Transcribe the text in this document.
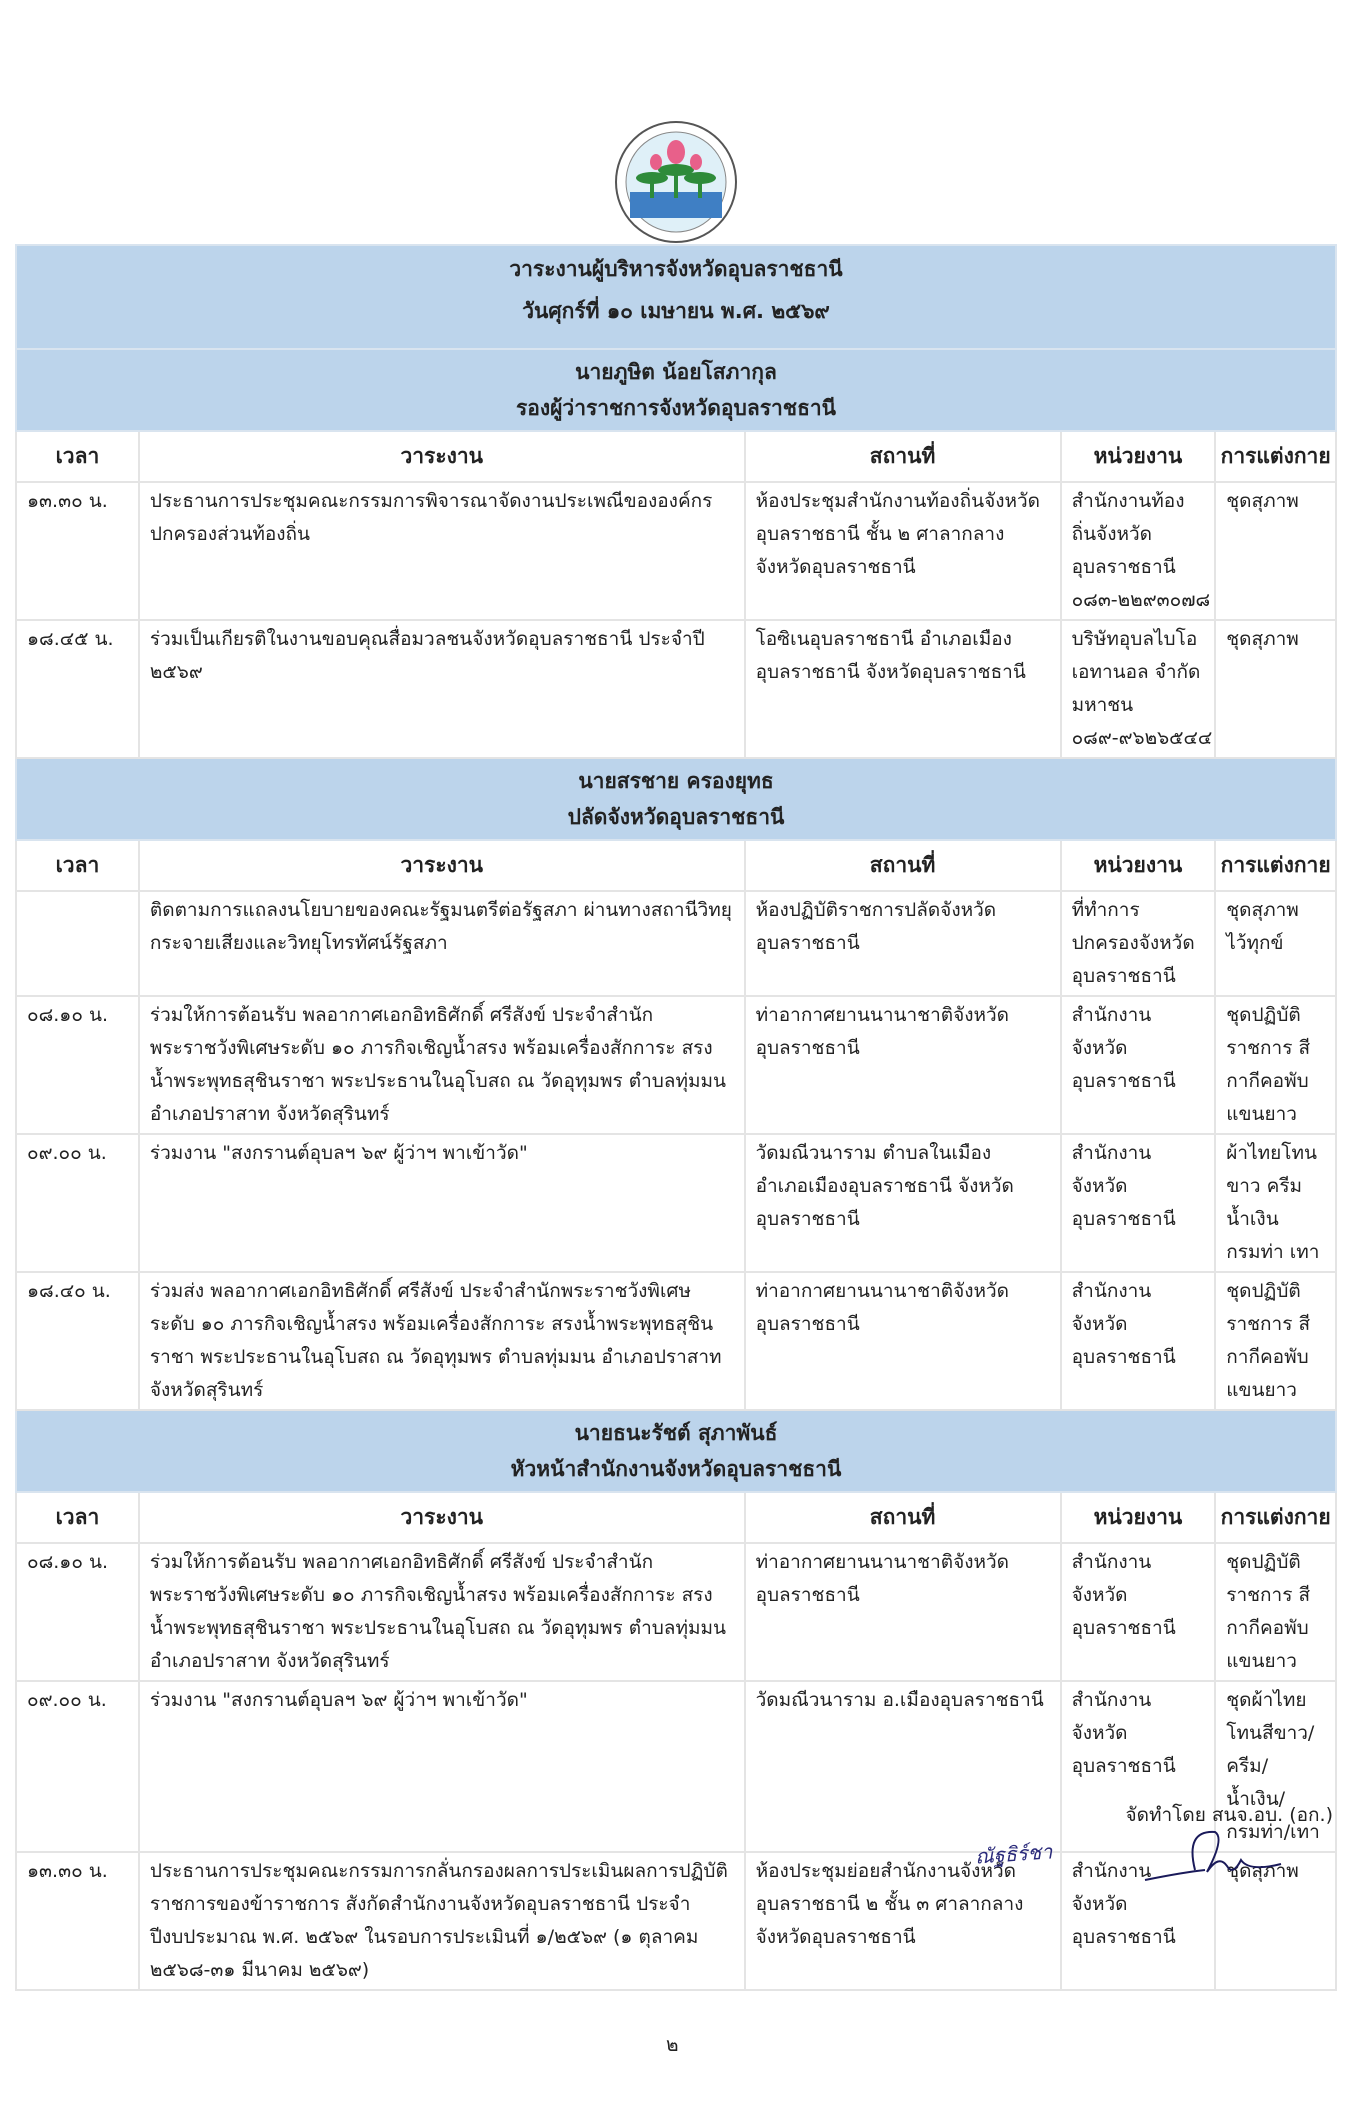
วาระงานผู้บริหารจังหวัดอุบลราชธานี
วันศุกร์ที่ ๑๐ เมษายน พ.ศ. ๒๕๖๙				

นายภูษิต น้อยโสภากุล
รองผู้ว่าราชการจังหวัดอุบลราชธานี				

เวลา	วาระงาน	สถานที่	หน่วยงาน	การแต่งกาย
๑๓.๓๐ น.	ประธานการประชุมคณะกรรมการพิจารณาจัดงานประเพณีขององค์กรปกครองส่วนท้องถิ่น	ห้องประชุมสำนักงานท้องถิ่นจังหวัดอุบลราชธานี ชั้น ๒ ศาลากลางจังหวัดอุบลราชธานี	สำนักงานท้องถิ่นจังหวัด อุบลราชธานี ๐๘๓-๒๒๙๓๐๗๘	ชุดสุภาพ
๑๘.๔๕ น.	ร่วมเป็นเกียรติในงานขอบคุณสื่อมวลชนจังหวัดอุบลราชธานี ประจำปี ๒๕๖๙	โอซิเนอุบลราชธานี อำเภอเมืองอุบลราชธานี จังหวัดอุบลราชธานี	บริษัทอุบลไบโอเอทานอล จำกัด มหาชน ๐๘๙-๙๖๒๖๕๔๔	ชุดสุภาพ

นายสรชาย ครองยุทธ
ปลัดจังหวัดอุบลราชธานี				

เวลา	วาระงาน	สถานที่	หน่วยงาน	การแต่งกาย
	ติดตามการแถลงนโยบายของคณะรัฐมนตรีต่อรัฐสภา ผ่านทางสถานีวิทยุกระจายเสียงและวิทยุโทรทัศน์รัฐสภา	ห้องปฏิบัติราชการปลัดจังหวัดอุบลราชธานี	ที่ทำการปกครองจังหวัด อุบลราชธานี	ชุดสุภาพ ไว้ทุกข์
๐๘.๑๐ น.	ร่วมให้การต้อนรับ พลอากาศเอกอิทธิศักดิ์ ศรีสังข์ ประจำสำนักพระราชวังพิเศษระดับ ๑๐ ภารกิจเชิญน้ำสรง พร้อมเครื่องสักการะ สรงน้ำพระพุทธสุชินราชา พระประธานในอุโบสถ ณ วัดอุทุมพร ตำบลทุ่มมน อำเภอปราสาท จังหวัดสุรินทร์	ท่าอากาศยานนานาชาติจังหวัดอุบลราชธานี	สำนักงานจังหวัดอุบลราชธานี	ชุดปฏิบัติราชการ สีกากีคอพับแขนยาว
๐๙.๐๐ น.	ร่วมงาน "สงกรานต์อุบลฯ ๖๙ ผู้ว่าฯ พาเข้าวัด"	วัดมณีวนาราม ตำบลในเมือง อำเภอเมืองอุบลราชธานี จังหวัดอุบลราชธานี	สำนักงานจังหวัดอุบลราชธานี	ผ้าไทยโทนขาว ครีม น้ำเงิน กรมท่า เทา
๑๘.๔๐ น.	ร่วมส่ง พลอากาศเอกอิทธิศักดิ์ ศรีสังข์ ประจำสำนักพระราชวังพิเศษระดับ ๑๐ ภารกิจเชิญน้ำสรง พร้อมเครื่องสักการะ สรงน้ำพระพุทธสุชินราชา พระประธานในอุโบสถ ณ วัดอุทุมพร ตำบลทุ่มมน อำเภอปราสาท จังหวัดสุรินทร์	ท่าอากาศยานนานาชาติจังหวัดอุบลราชธานี	สำนักงานจังหวัดอุบลราชธานี	ชุดปฏิบัติราชการ สีกากีคอพับแขนยาว

นายธนะรัชต์ สุภาพันธ์
หัวหน้าสำนักงานจังหวัดอุบลราชธานี				

เวลา	วาระงาน	สถานที่	หน่วยงาน	การแต่งกาย
๐๘.๑๐ น.	ร่วมให้การต้อนรับ พลอากาศเอกอิทธิศักดิ์ ศรีสังข์ ประจำสำนักพระราชวังพิเศษระดับ ๑๐ ภารกิจเชิญน้ำสรง พร้อมเครื่องสักการะ สรงน้ำพระพุทธสุชินราชา พระประธานในอุโบสถ ณ วัดอุทุมพร ตำบลทุ่มมน อำเภอปราสาท จังหวัดสุรินทร์	ท่าอากาศยานนานาชาติจังหวัดอุบลราชธานี	สำนักงานจังหวัดอุบลราชธานี	ชุดปฏิบัติราชการ สีกากีคอพับแขนยาว
๐๙.๐๐ น.	ร่วมงาน "สงกรานต์อุบลฯ ๖๙ ผู้ว่าฯ พาเข้าวัด"	วัดมณีวนาราม อ.เมืองอุบลราชธานี	สำนักงานจังหวัดอุบลราชธานี	ชุดผ้าไทยโทนสีขาว/ครีม/น้ำเงิน/กรมท่า/เทา
๑๓.๓๐ น.	ประธานการประชุมคณะกรรมการกลั่นกรองผลการประเมินผลการปฏิบัติราชการของข้าราชการ สังกัดสำนักงานจังหวัดอุบลราชธานี ประจำปีงบประมาณ พ.ศ. ๒๕๖๙ ในรอบการประเมินที่ ๑/๒๕๖๙ (๑ ตุลาคม ๒๕๖๘-๓๑ มีนาคม ๒๕๖๙)	ห้องประชุมย่อยสำนักงานจังหวัดอุบลราชธานี ๒ ชั้น ๓ ศาลากลางจังหวัดอุบลราชธานี	สำนักงานจังหวัดอุบลราชธานี	ชุดสุภาพ
จัดทำโดย สนจ.อบ. (อก.)
ณัฐธิร์ชา
๒
